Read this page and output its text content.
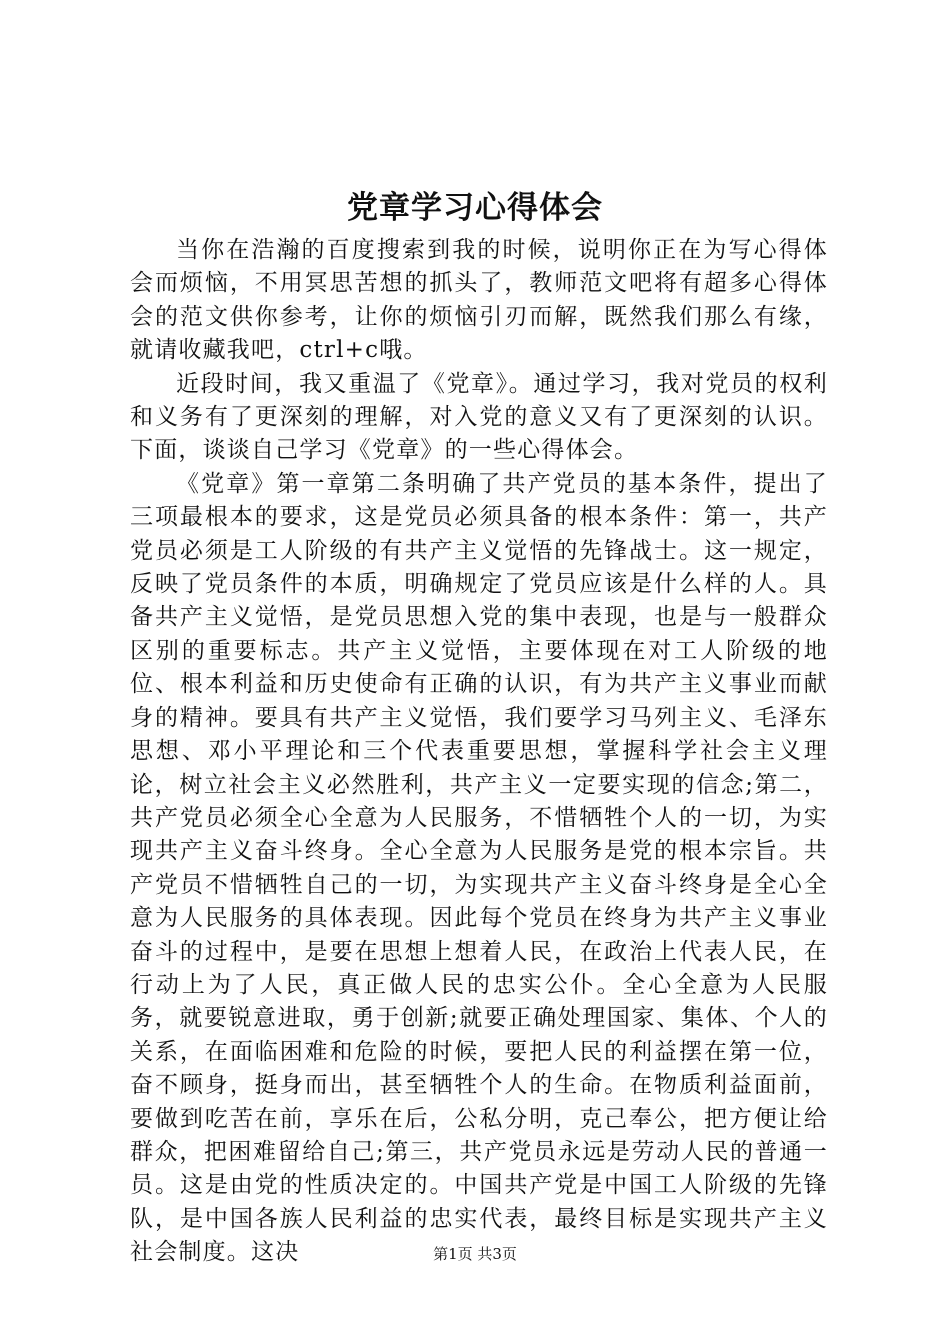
党章学习心得体会

当你在浩瀚的百度搜索到我的时候，说明你正在为写心得体会而烦恼，不用冥思苦想的抓头了，教师范文吧将有超多心得体会的范文供你参考，让你的烦恼引刃而解，既然我们那么有缘，就请收藏我吧，ctrl+c哦。

近段时间，我又重温了《党章》。通过学习，我对党员的权利和义务有了更深刻的理解，对入党的意义又有了更深刻的认识。下面，谈谈自己学习《党章》的一些心得体会。

《党章》第一章第二条明确了共产党员的基本条件，提出了三项最根本的要求，这是党员必须具备的根本条件：第一，共产党员必须是工人阶级的有共产主义觉悟的先锋战士。这一规定，反映了党员条件的本质，明确规定了党员应该是什么样的人。具备共产主义觉悟，是党员思想入党的集中表现，也是与一般群众区别的重要标志。共产主义觉悟，主要体现在对工人阶级的地位、根本利益和历史使命有正确的认识，有为共产主义事业而献身的精神。要具有共产主义觉悟，我们要学习马列主义、毛泽东思想、邓小平理论和三个代表重要思想，掌握科学社会主义理论，树立社会主义必然胜利，共产主义一定要实现的信念;第二，共产党员必须全心全意为人民服务，不惜牺牲个人的一切，为实现共产主义奋斗终身。全心全意为人民服务是党的根本宗旨。共产党员不惜牺牲自己的一切，为实现共产主义奋斗终身是全心全意为人民服务的具体表现。因此每个党员在终身为共产主义事业奋斗的过程中，是要在思想上想着人民，在政治上代表人民，在行动上为了人民，真正做人民的忠实公仆。全心全意为人民服务，就要锐意进取，勇于创新;就要正确处理国家、集体、个人的关系，在面临困难和危险的时候，要把人民的利益摆在第一位，奋不顾身，挺身而出，甚至牺牲个人的生命。在物质利益面前，要做到吃苦在前，享乐在后，公私分明，克己奉公，把方便让给群众，把困难留给自己;第三，共产党员永远是劳动人民的普通一员。这是由党的性质决定的。中国共产党是中国工人阶级的先锋队，是中国各族人民利益的忠实代表，最终目标是实现共产主义社会制度。这决	第1页 共3页
